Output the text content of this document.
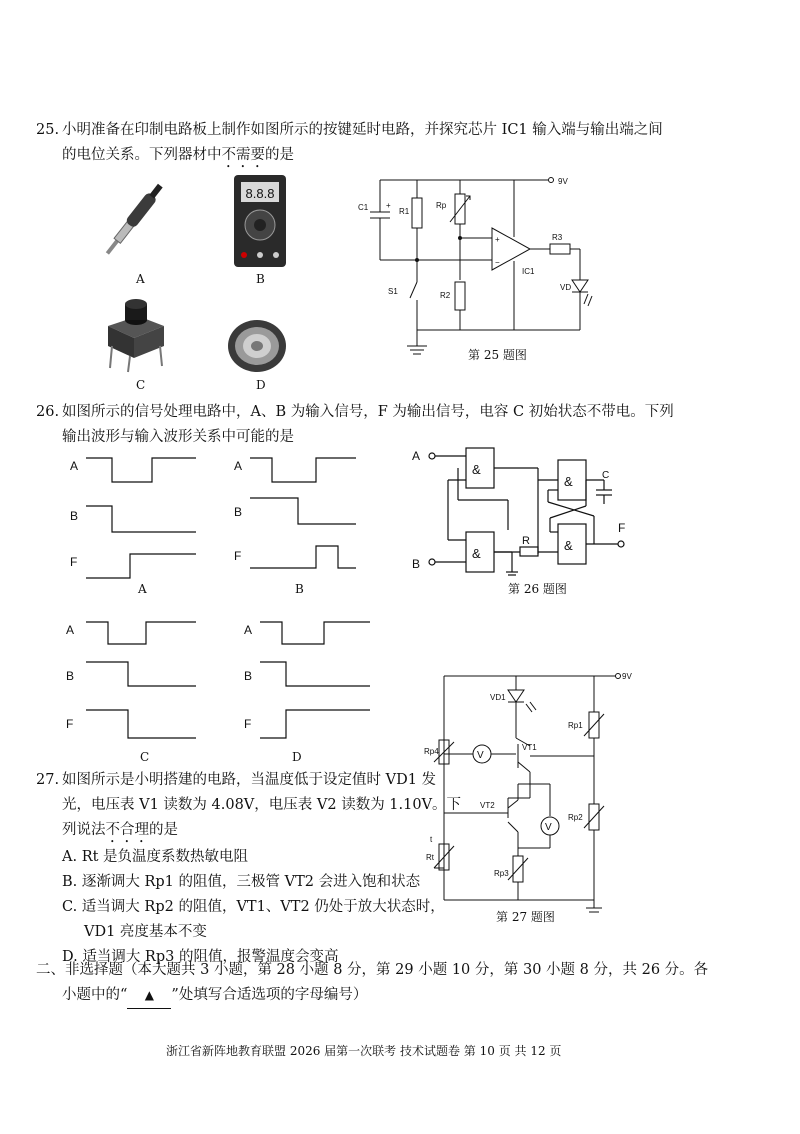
25. 小明准备在印制电路板上制作如图所示的按键延时电路，并探究芯片 IC1 输入端与输出端之间
的电位关系。下列器材中不需要的是
A
8.8.8
B
C	D
9V
C1 +
R1
Rp
+
−
IC1
R3
VD
R2
S1
第 25 题图
26. 如图所示的信号处理电路中，A、B 为输入信号，F 为输出信号，电容 C 初始状态不带电。下列
输出波形与输入波形关系中可能的是
A
B
F
A
B
F
A
B
F
A
B
F
A	B
C	D
A
&
B
&
R
&
&
C
F
第 26 题图
27. 如图所示是小明搭建的电路，当温度低于设定值时 VD1 发
光，电压表 V1 读数为 4.08V，电压表 V2 读数为 1.10V。下
列说法不合理的是
A. Rt 是负温度系数热敏电阻
B. 逐渐调大 Rp1 的阻值，三极管 VT2 会进入饱和状态
C. 适当调大 Rp2 的阻值，VT1、VT2 仍处于放大状态时，
VD1 亮度基本不变
D. 适当调大 Rp3 的阻值，报警温度会变高
9V
VD1
Rp1
VT1
V
Rp4
VT2
V
Rp2
t
Rt
Rp3
第 27 题图
二、非选择题（本大题共 3 小题，第 28 小题 8 分，第 29 小题 10 分，第 30 小题 8 分，共 26 分。各
小题中的“ ▲ ”处填写合适选项的字母编号）
浙江省新阵地教育联盟 2026 届第一次联考 技术试题卷 第 10 页 共 12 页
